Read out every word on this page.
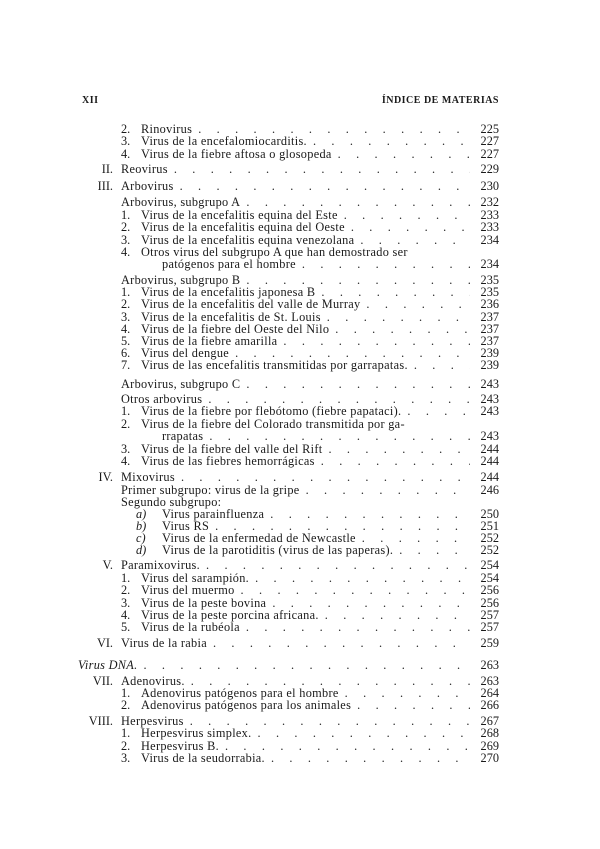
XII	ÍNDICE DE MATERIAS
2. Rinovirus .	225
3. Virus de la encefalomiocarditis. .	227
4. Virus de la fiebre aftosa o glosopeda .	227
II. Reovirus .	229
III. Arbovirus .	230
Arbovirus, subgrupo A .	232
1. Virus de la encefalitis equina del Este .	233
2. Virus de la encefalitis equina del Oeste .	233
3. Virus de la encefalitis equina venezolana .	234
4. Otros virus del subgrupo A que han demostrado ser
patógenos para el hombre .	234
Arbovirus, subgrupo B .	235
1. Virus de la encefalitis japonesa B .	235
2. Virus de la encefalitis del valle de Murray .	236
3. Virus de la encefalitis de St. Louis .	237
4. Virus de la fiebre del Oeste del Nilo .	237
5. Virus de la fiebre amarilla .	237
6. Virus del dengue .	239
7. Virus de las encefalitis transmitidas por garrapatas. .	239
Arbovirus, subgrupo C .	243
Otros arbovirus .	243
1. Virus de la fiebre por flebótomo (fiebre papataci). .	243
2. Virus de la fiebre del Colorado transmitida por ga-
rrapatas .	243
3. Virus de la fiebre del valle del Rift .	244
4. Virus de las fiebres hemorrágicas .	244
IV. Mixovirus .	244
Primer subgrupo: virus de la gripe .	246
Segundo subgrupo:
a) Virus parainfluenza .	250
b) Virus RS .	251
c) Virus de la enfermedad de Newcastle .	252
d) Virus de la parotiditis (virus de las paperas). .	252
V. Paramixovirus. .	254
1. Virus del sarampión. .	254
2. Virus del muermo .	256
3. Virus de la peste bovina .	256
4. Virus de la peste porcina africana. .	257
5. Virus de la rubéola .	257
VI. Virus de la rabia .	259
Virus DNA. .	263
VII. Adenovirus. .	263
1. Adenovirus patógenos para el hombre .	264
2. Adenovirus patógenos para los animales .	266
VIII. Herpesvirus .	267
1. Herpesvirus simplex. .	268
2. Herpesvirus B. .	269
3. Virus de la seudorrabia. .	270
